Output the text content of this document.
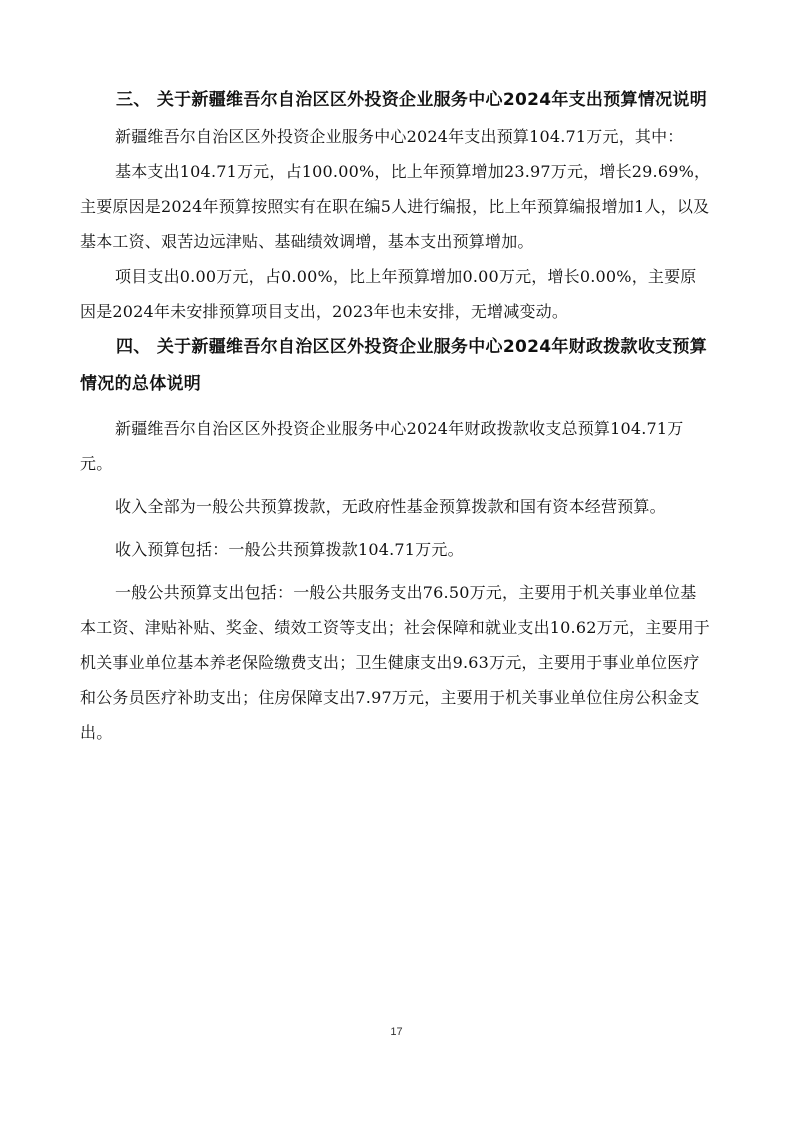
三、 关于新疆维吾尔自治区区外投资企业服务中心2024年支出预算情况说明

新疆维吾尔自治区区外投资企业服务中心2024年支出预算104.71万元，其中：

基本支出104.71万元，占100.00%，比上年预算增加23.97万元，增长29.69%，主要原因是2024年预算按照实有在职在编5人进行编报，比上年预算编报增加1人，以及基本工资、艰苦边远津贴、基础绩效调增，基本支出预算增加。

项目支出0.00万元，占0.00%，比上年预算增加0.00万元，增长0.00%，主要原因是2024年未安排预算项目支出，2023年也未安排，无增减变动。

四、 关于新疆维吾尔自治区区外投资企业服务中心2024年财政拨款收支预算情况的总体说明

新疆维吾尔自治区区外投资企业服务中心2024年财政拨款收支总预算104.71万元。

收入全部为一般公共预算拨款，无政府性基金预算拨款和国有资本经营预算。

收入预算包括：一般公共预算拨款104.71万元。

一般公共预算支出包括：一般公共服务支出76.50万元，主要用于机关事业单位基本工资、津贴补贴、奖金、绩效工资等支出；社会保障和就业支出10.62万元，主要用于机关事业单位基本养老保险缴费支出；卫生健康支出9.63万元，主要用于事业单位医疗和公务员医疗补助支出；住房保障支出7.97万元，主要用于机关事业单位住房公积金支出。

17
